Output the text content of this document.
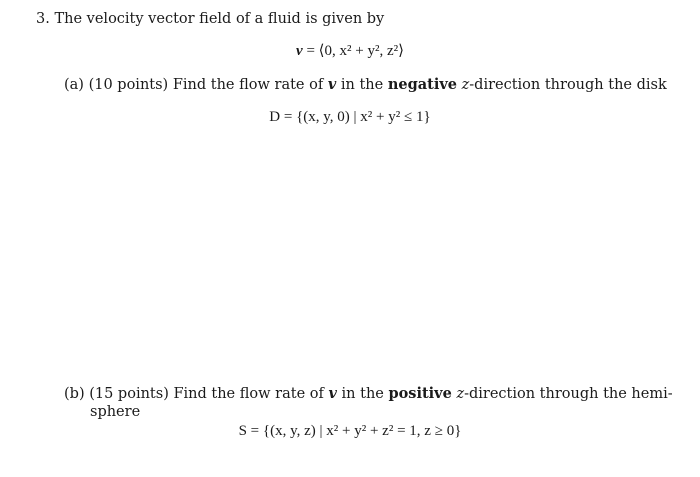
3. The velocity vector field of a fluid is given by
v = ⟨0, x² + y², z²⟩
(a) (10 points) Find the flow rate of v in the negative z-direction through the disk
D = {(x, y, 0) | x² + y² ≤ 1}
(b) (15 points) Find the flow rate of v in the positive z-direction through the hemi-
sphere
S = {(x, y, z) | x² + y² + z² = 1, z ≥ 0}
